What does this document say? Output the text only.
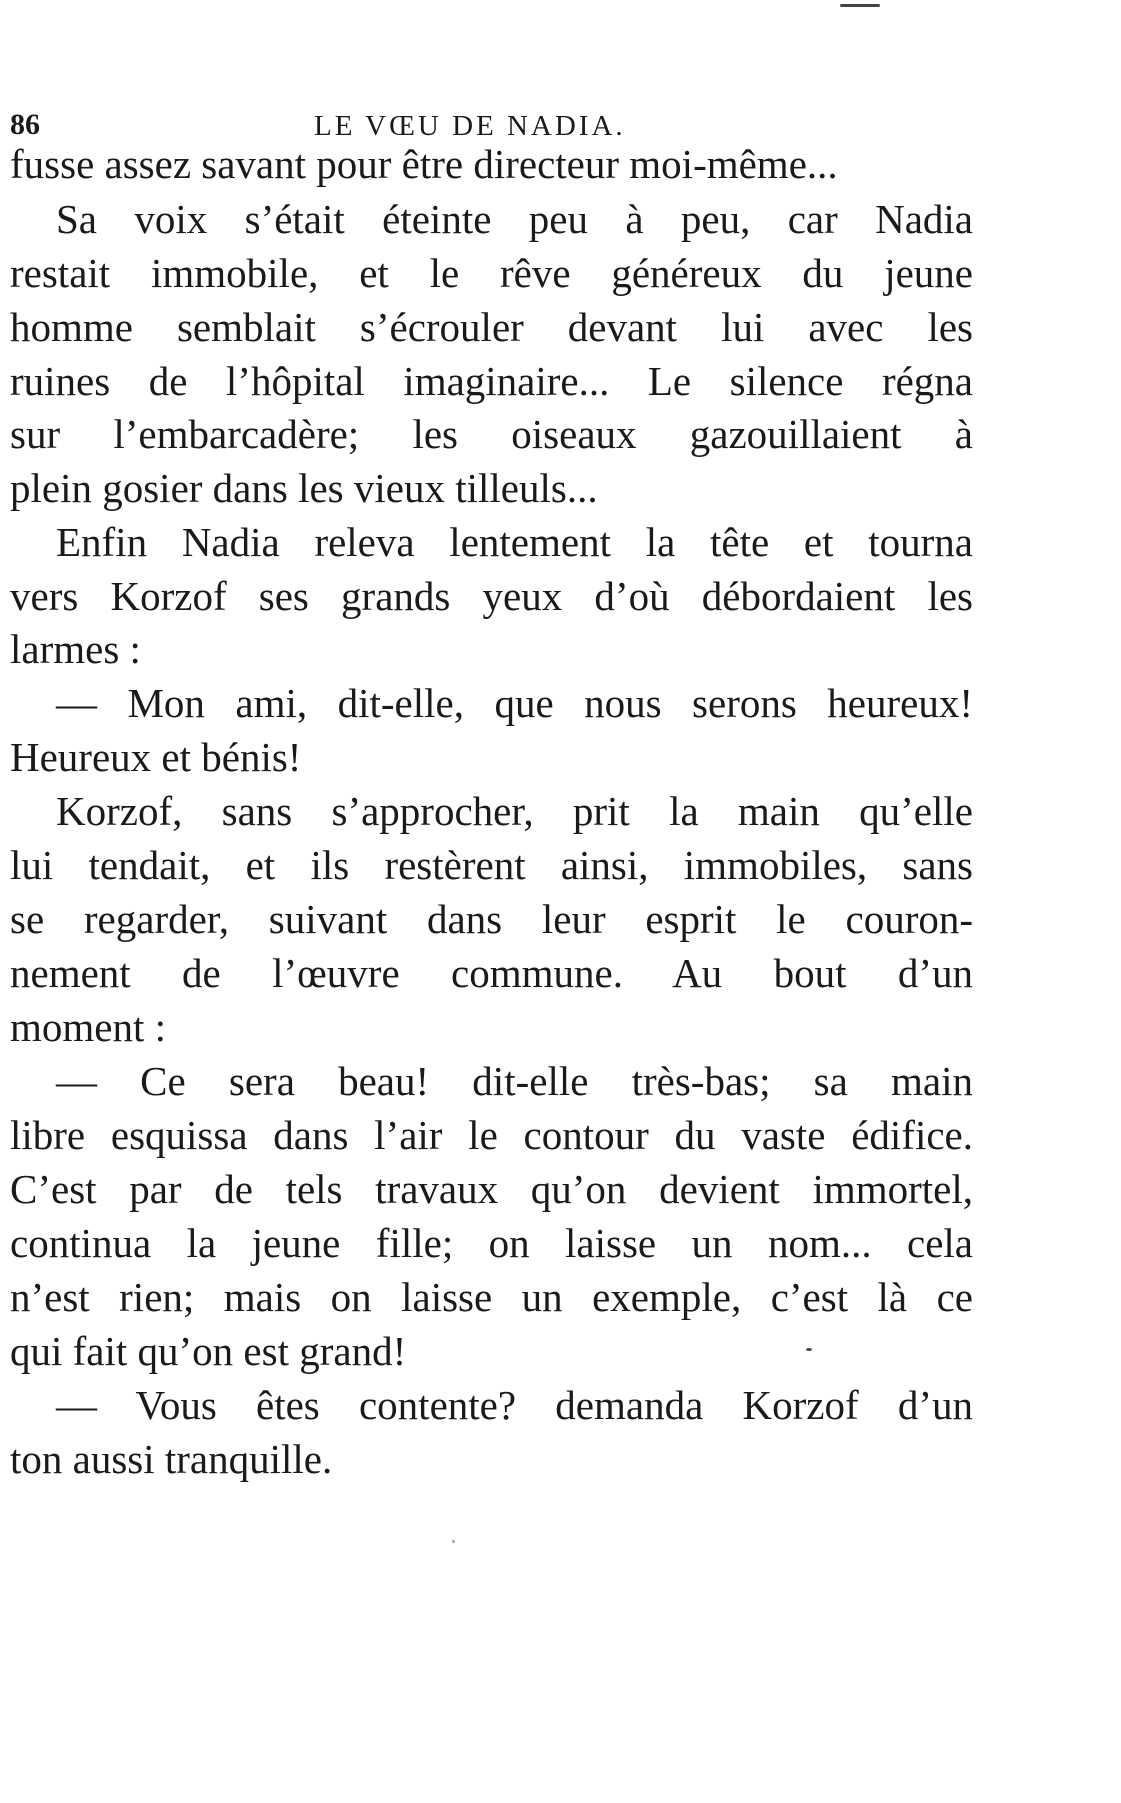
86	LE VŒU DE NADIA.
fusse assez savant pour être directeur moi-même...
Sa voix s’était éteinte peu à peu, car Nadia
restait immobile, et le rêve généreux du jeune
homme semblait s’écrouler devant lui avec les
ruines de l’hôpital imaginaire... Le silence régna
sur l’embarcadère; les oiseaux gazouillaient à
plein gosier dans les vieux tilleuls...
Enfin Nadia releva lentement la tête et tourna
vers Korzof ses grands yeux d’où débordaient les
larmes :
— Mon ami, dit-elle, que nous serons heureux!
Heureux et bénis!
Korzof, sans s’approcher, prit la main qu’elle
lui tendait, et ils restèrent ainsi, immobiles, sans
se regarder, suivant dans leur esprit le couron-
nement de l’œuvre commune. Au bout d’un
moment :
— Ce sera beau! dit-elle très-bas; sa main
libre esquissa dans l’air le contour du vaste édifice.
C’est par de tels travaux qu’on devient immortel,
continua la jeune fille; on laisse un nom... cela
n’est rien; mais on laisse un exemple, c’est là ce
qui fait qu’on est grand!
— Vous êtes contente? demanda Korzof d’un
ton aussi tranquille.
